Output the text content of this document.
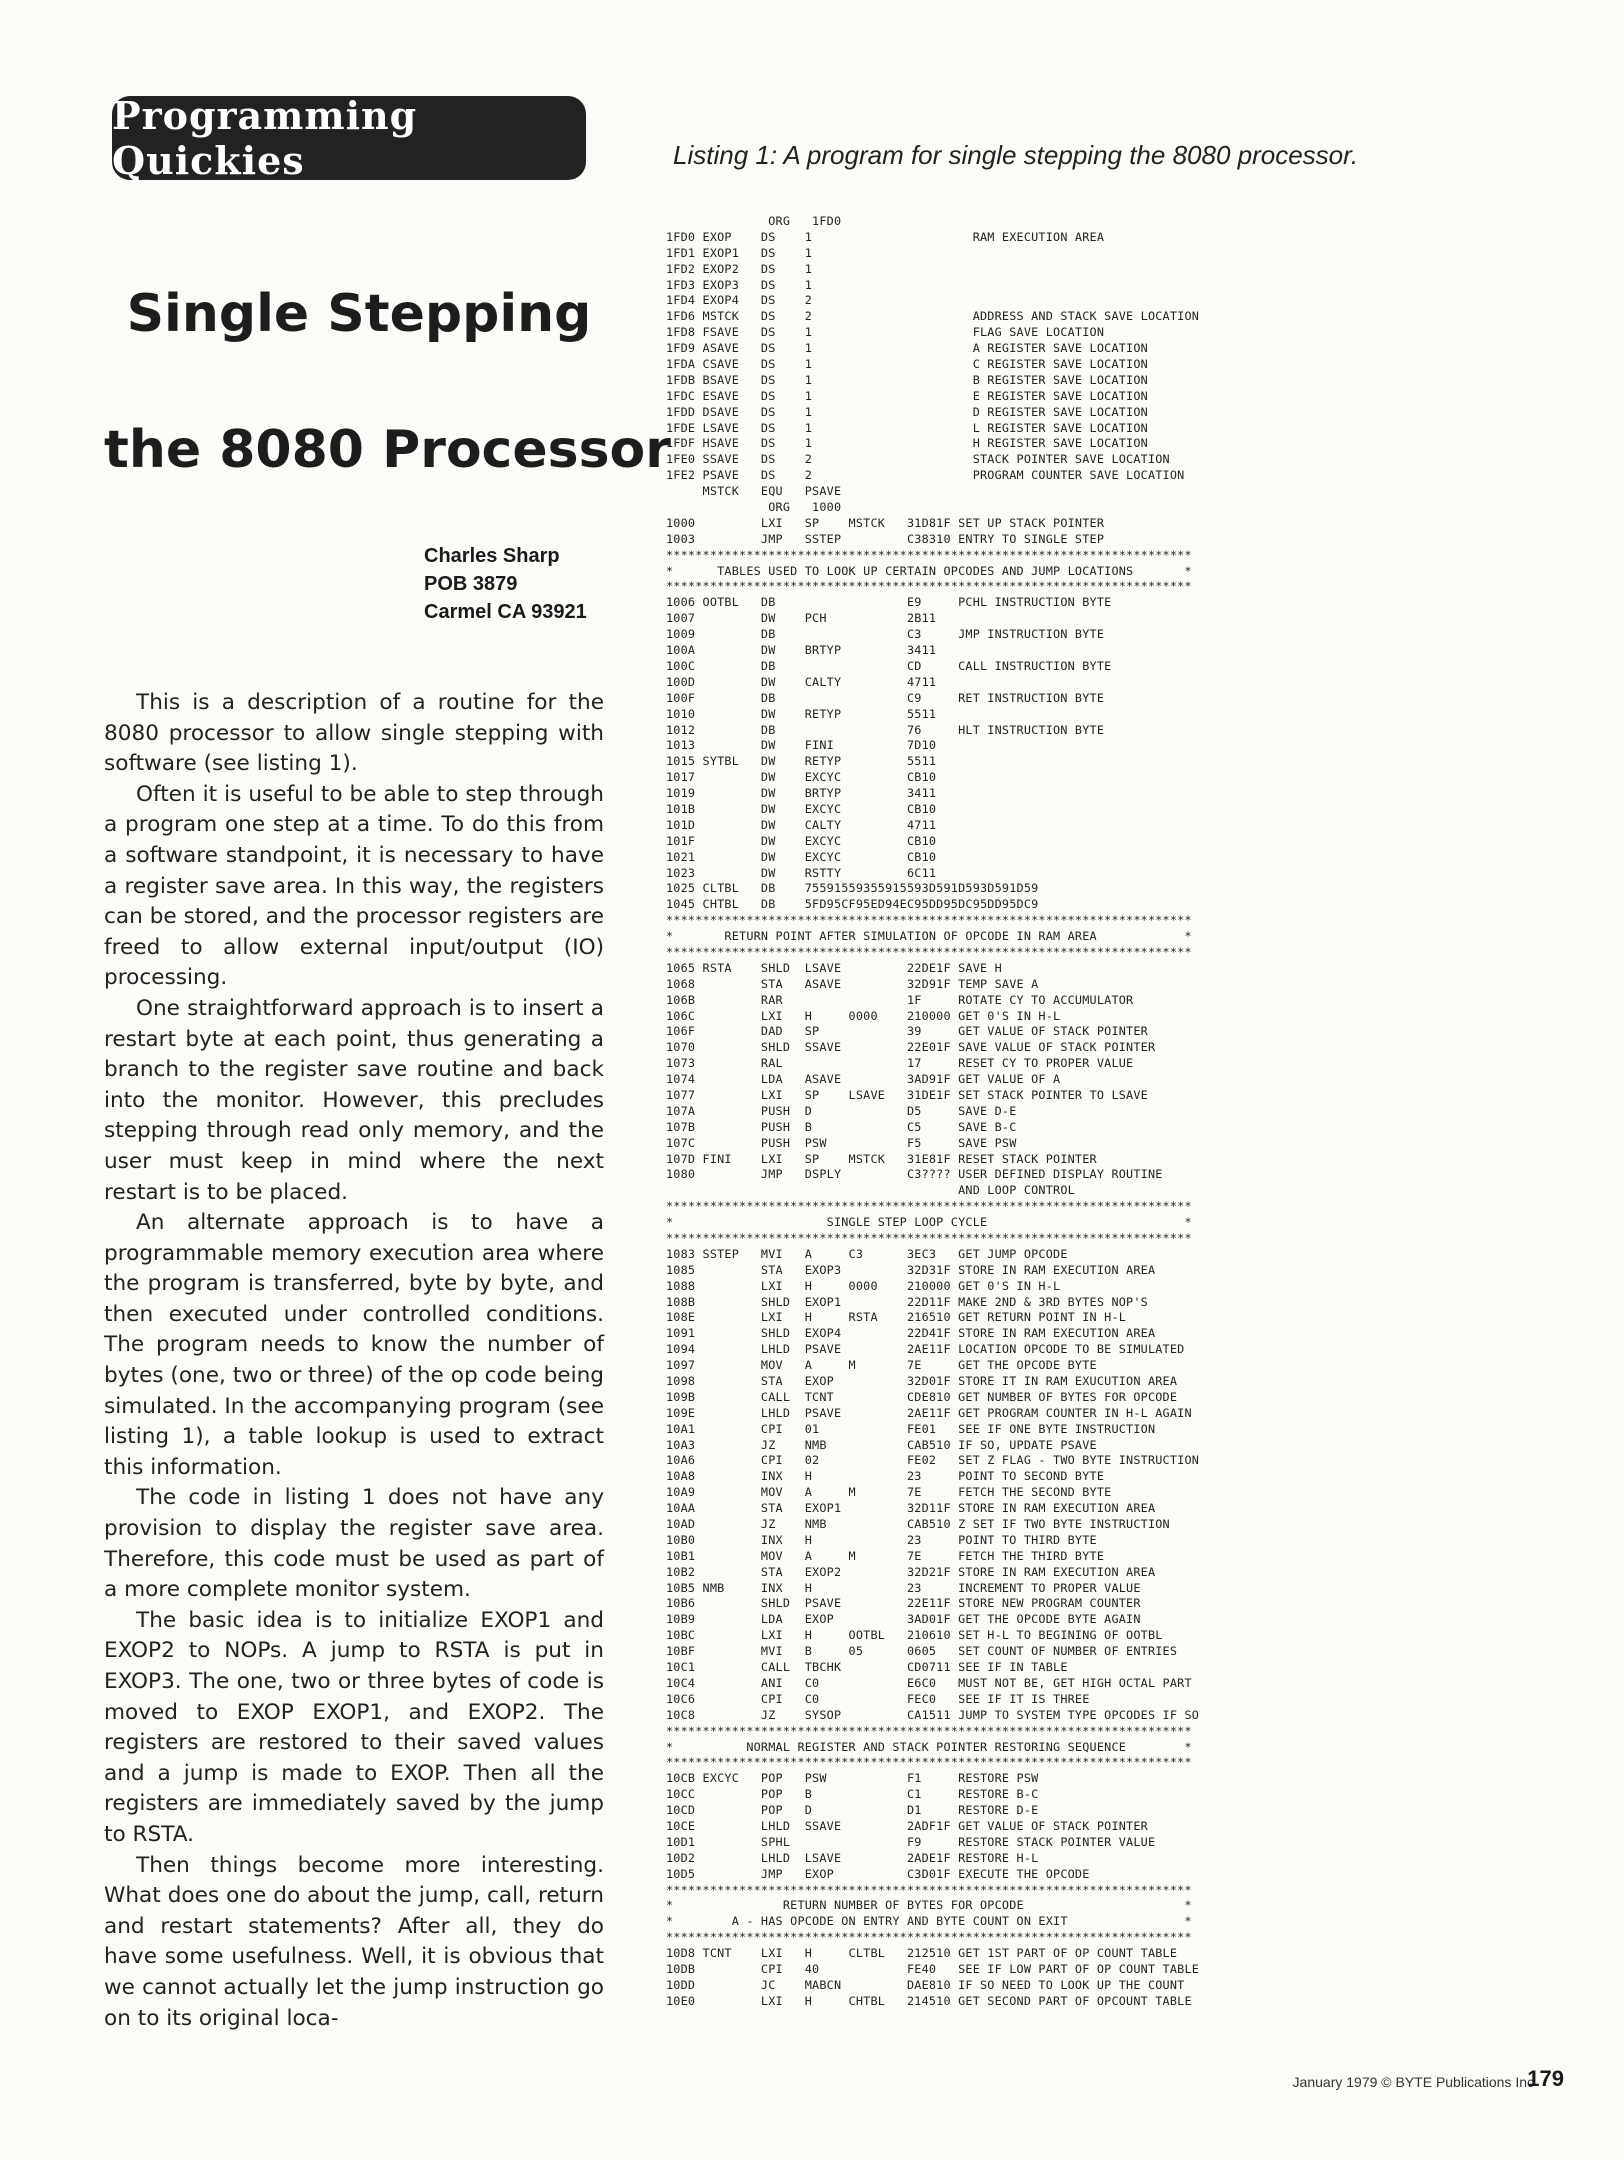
Programming Quickies	Listing 1: A program for single stepping the 8080 processor.
Single Stepping
the 8080 Processor
Charles Sharp
POB 3879
Carmel CA 93921

This is a description of a routine for the 8080 processor to allow single stepping with software (see listing 1).

Often it is useful to be able to step through a program one step at a time. To do this from a software standpoint, it is necessary to have a register save area. In this way, the registers can be stored, and the processor registers are freed to allow external input/output (IO) processing.

One straightforward approach is to insert a restart byte at each point, thus generating a branch to the register save routine and back into the monitor. However, this precludes stepping through read only memory, and the user must keep in mind where the next restart is to be placed.

An alternate approach is to have a programmable memory execution area where the program is transferred, byte by byte, and then executed under controlled conditions. The program needs to know the number of bytes (one, two or three) of the op code being simulated. In the accompanying program (see listing 1), a table lookup is used to extract this information.

The code in listing 1 does not have any provision to display the register save area. Therefore, this code must be used as part of a more complete monitor system.

The basic idea is to initialize EXOP1 and EXOP2 to NOPs. A jump to RSTA is put in EXOP3. The one, two or three bytes of code is moved to EXOP EXOP1, and EXOP2. The registers are restored to their saved values and a jump is made to EXOP. Then all the registers are immediately saved by the jump to RSTA.

Then things become more interesting. What does one do about the jump, call, return and restart statements? After all, they do have some usefulness. Well, it is obvious that we cannot actually let the jump instruction go on to its original loca-

ORG   1FD0
1FD0 EXOP    DS    1                      RAM EXECUTION AREA
1FD1 EXOP1   DS    1
1FD2 EXOP2   DS    1
1FD3 EXOP3   DS    1
1FD4 EXOP4   DS    2
1FD6 MSTCK   DS    2                      ADDRESS AND STACK SAVE LOCATION
1FD8 FSAVE   DS    1                      FLAG SAVE LOCATION
1FD9 ASAVE   DS    1                      A REGISTER SAVE LOCATION
1FDA CSAVE   DS    1                      C REGISTER SAVE LOCATION
1FDB BSAVE   DS    1                      B REGISTER SAVE LOCATION
1FDC ESAVE   DS    1                      E REGISTER SAVE LOCATION
1FDD DSAVE   DS    1                      D REGISTER SAVE LOCATION
1FDE LSAVE   DS    1                      L REGISTER SAVE LOCATION
1FDF HSAVE   DS    1                      H REGISTER SAVE LOCATION
1FE0 SSAVE   DS    2                      STACK POINTER SAVE LOCATION
1FE2 PSAVE   DS    2                      PROGRAM COUNTER SAVE LOCATION
MSTCK   EQU   PSAVE
ORG   1000
1000         LXI   SP    MSTCK   31D81F SET UP STACK POINTER
1003         JMP   SSTEP         C38310 ENTRY TO SINGLE STEP
************************************************************************
*      TABLES USED TO LOOK UP CERTAIN OPCODES AND JUMP LOCATIONS       *
************************************************************************
1006 OOTBL   DB                  E9     PCHL INSTRUCTION BYTE
1007         DW    PCH           2B11
1009         DB                  C3     JMP INSTRUCTION BYTE
100A         DW    BRTYP         3411
100C         DB                  CD     CALL INSTRUCTION BYTE
100D         DW    CALTY         4711
100F         DB                  C9     RET INSTRUCTION BYTE
1010         DW    RETYP         5511
1012         DB                  76     HLT INSTRUCTION BYTE
1013         DW    FINI          7D10
1015 SYTBL   DW    RETYP         5511
1017         DW    EXCYC         CB10
1019         DW    BRTYP         3411
101B         DW    EXCYC         CB10
101D         DW    CALTY         4711
101F         DW    EXCYC         CB10
1021         DW    EXCYC         CB10
1023         DW    RSTTY         6C11
1025 CLTBL   DB    75591559355915593D591D593D591D59
1045 CHTBL   DB    5FD95CF95ED94EC95DD95DC95DD95DC9
************************************************************************
*       RETURN POINT AFTER SIMULATION OF OPCODE IN RAM AREA            *
************************************************************************
1065 RSTA    SHLD  LSAVE         22DE1F SAVE H
1068         STA   ASAVE         32D91F TEMP SAVE A
106B         RAR                 1F     ROTATE CY TO ACCUMULATOR
106C         LXI   H     0000    210000 GET 0'S IN H-L
106F         DAD   SP            39     GET VALUE OF STACK POINTER
1070         SHLD  SSAVE         22E01F SAVE VALUE OF STACK POINTER
1073         RAL                 17     RESET CY TO PROPER VALUE
1074         LDA   ASAVE         3AD91F GET VALUE OF A
1077         LXI   SP    LSAVE   31DE1F SET STACK POINTER TO LSAVE
107A         PUSH  D             D5     SAVE D-E
107B         PUSH  B             C5     SAVE B-C
107C         PUSH  PSW           F5     SAVE PSW
107D FINI    LXI   SP    MSTCK   31E81F RESET STACK POINTER
1080         JMP   DSPLY         C3???? USER DEFINED DISPLAY ROUTINE
AND LOOP CONTROL
************************************************************************
*                     SINGLE STEP LOOP CYCLE                           *
************************************************************************
1083 SSTEP   MVI   A     C3      3EC3   GET JUMP OPCODE
1085         STA   EXOP3         32D31F STORE IN RAM EXECUTION AREA
1088         LXI   H     0000    210000 GET 0'S IN H-L
108B         SHLD  EXOP1         22D11F MAKE 2ND & 3RD BYTES NOP'S
108E         LXI   H     RSTA    216510 GET RETURN POINT IN H-L
1091         SHLD  EXOP4         22D41F STORE IN RAM EXECUTION AREA
1094         LHLD  PSAVE         2AE11F LOCATION OPCODE TO BE SIMULATED
1097         MOV   A     M       7E     GET THE OPCODE BYTE
1098         STA   EXOP          32D01F STORE IT IN RAM EXUCUTION AREA
109B         CALL  TCNT          CDE810 GET NUMBER OF BYTES FOR OPCODE
109E         LHLD  PSAVE         2AE11F GET PROGRAM COUNTER IN H-L AGAIN
10A1         CPI   01            FE01   SEE IF ONE BYTE INSTRUCTION
10A3         JZ    NMB           CAB510 IF SO, UPDATE PSAVE
10A6         CPI   02            FE02   SET Z FLAG - TWO BYTE INSTRUCTION
10A8         INX   H             23     POINT TO SECOND BYTE
10A9         MOV   A     M       7E     FETCH THE SECOND BYTE
10AA         STA   EXOP1         32D11F STORE IN RAM EXECUTION AREA
10AD         JZ    NMB           CAB510 Z SET IF TWO BYTE INSTRUCTION
10B0         INX   H             23     POINT TO THIRD BYTE
10B1         MOV   A     M       7E     FETCH THE THIRD BYTE
10B2         STA   EXOP2         32D21F STORE IN RAM EXECUTION AREA
10B5 NMB     INX   H             23     INCREMENT TO PROPER VALUE
10B6         SHLD  PSAVE         22E11F STORE NEW PROGRAM COUNTER
10B9         LDA   EXOP          3AD01F GET THE OPCODE BYTE AGAIN
10BC         LXI   H     OOTBL   210610 SET H-L TO BEGINING OF OOTBL
10BF         MVI   B     05      0605   SET COUNT OF NUMBER OF ENTRIES
10C1         CALL  TBCHK         CD0711 SEE IF IN TABLE
10C4         ANI   C0            E6C0   MUST NOT BE, GET HIGH OCTAL PART
10C6         CPI   C0            FEC0   SEE IF IT IS THREE
10C8         JZ    SYSOP         CA1511 JUMP TO SYSTEM TYPE OPCODES IF SO
************************************************************************
*          NORMAL REGISTER AND STACK POINTER RESTORING SEQUENCE        *
************************************************************************
10CB EXCYC   POP   PSW           F1     RESTORE PSW
10CC         POP   B             C1     RESTORE B-C
10CD         POP   D             D1     RESTORE D-E
10CE         LHLD  SSAVE         2ADF1F GET VALUE OF STACK POINTER
10D1         SPHL                F9     RESTORE STACK POINTER VALUE
10D2         LHLD  LSAVE         2ADE1F RESTORE H-L
10D5         JMP   EXOP          C3D01F EXECUTE THE OPCODE
************************************************************************
*               RETURN NUMBER OF BYTES FOR OPCODE                      *
*        A - HAS OPCODE ON ENTRY AND BYTE COUNT ON EXIT                *
************************************************************************
10D8 TCNT    LXI   H     CLTBL   212510 GET 1ST PART OF OP COUNT TABLE
10DB         CPI   40            FE40   SEE IF LOW PART OF OP COUNT TABLE
10DD         JC    MABCN         DAE810 IF SO NEED TO LOOK UP THE COUNT
10E0         LXI   H     CHTBL   214510 GET SECOND PART OF OPCOUNT TABLE
January 1979 © BYTE Publications Inc
179
